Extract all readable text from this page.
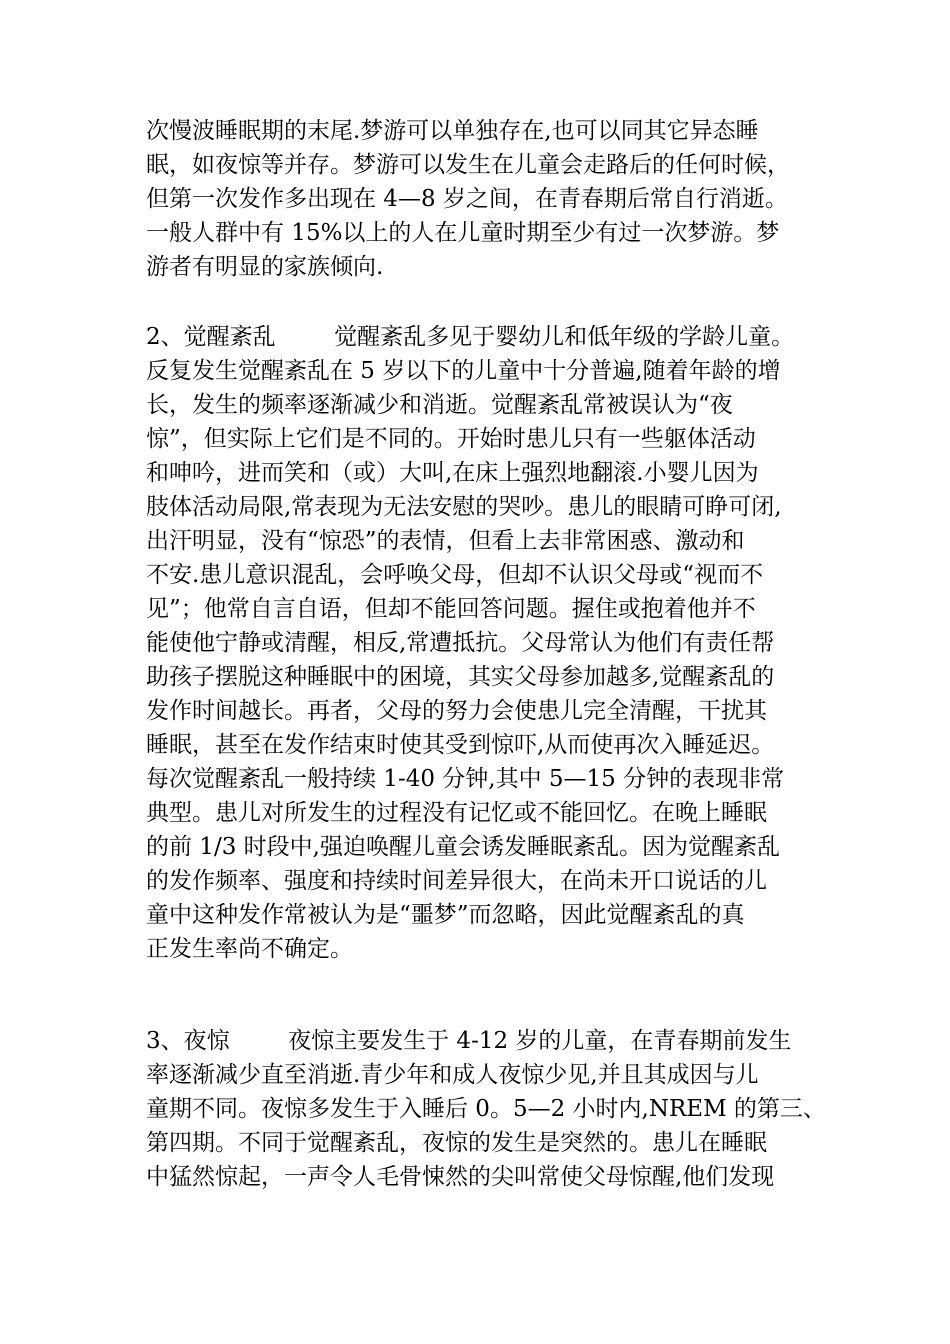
次慢波睡眠期的末尾.梦游可以单独存在,也可以同其它异态睡
眠，如夜惊等并存。梦游可以发生在儿童会走路后的任何时候，
但第一次发作多出现在 4—8 岁之间，在青春期后常自行消逝。
一般人群中有 15%以上的人在儿童时期至少有过一次梦游。梦
游者有明显的家族倾向.
2、觉醒紊乱        觉醒紊乱多见于婴幼儿和低年级的学龄儿童。
反复发生觉醒紊乱在 5 岁以下的儿童中十分普遍,随着年龄的增
长，发生的频率逐渐减少和消逝。觉醒紊乱常被误认为“夜
惊”，但实际上它们是不同的。开始时患儿只有一些躯体活动
和呻吟，进而笑和（或）大叫,在床上强烈地翻滚.小婴儿因为
肢体活动局限,常表现为无法安慰的哭吵。患儿的眼睛可睁可闭,
出汗明显，没有“惊恐”的表情，但看上去非常困惑、激动和
不安.患儿意识混乱，会呼唤父母，但却不认识父母或“视而不
见”；他常自言自语，但却不能回答问题。握住或抱着他并不
能使他宁静或清醒，相反,常遭抵抗。父母常认为他们有责任帮
助孩子摆脱这种睡眠中的困境，其实父母参加越多,觉醒紊乱的
发作时间越长。再者，父母的努力会使患儿完全清醒，干扰其
睡眠，甚至在发作结束时使其受到惊吓,从而使再次入睡延迟。
每次觉醒紊乱一般持续 1-40 分钟,其中 5—15 分钟的表现非常
典型。患儿对所发生的过程没有记忆或不能回忆。在晚上睡眠
的前 1/3 时段中,强迫唤醒儿童会诱发睡眠紊乱。因为觉醒紊乱
的发作频率、强度和持续时间差异很大，在尚未开口说话的儿
童中这种发作常被认为是“噩梦”而忽略，因此觉醒紊乱的真
正发生率尚不确定。
3、夜惊        夜惊主要发生于 4-12 岁的儿童，在青春期前发生
率逐渐减少直至消逝.青少年和成人夜惊少见,并且其成因与儿
童期不同。夜惊多发生于入睡后 0。5—2 小时内,NREM 的第三、
第四期。不同于觉醒紊乱，夜惊的发生是突然的。患儿在睡眠
中猛然惊起，一声令人毛骨悚然的尖叫常使父母惊醒,他们发现
